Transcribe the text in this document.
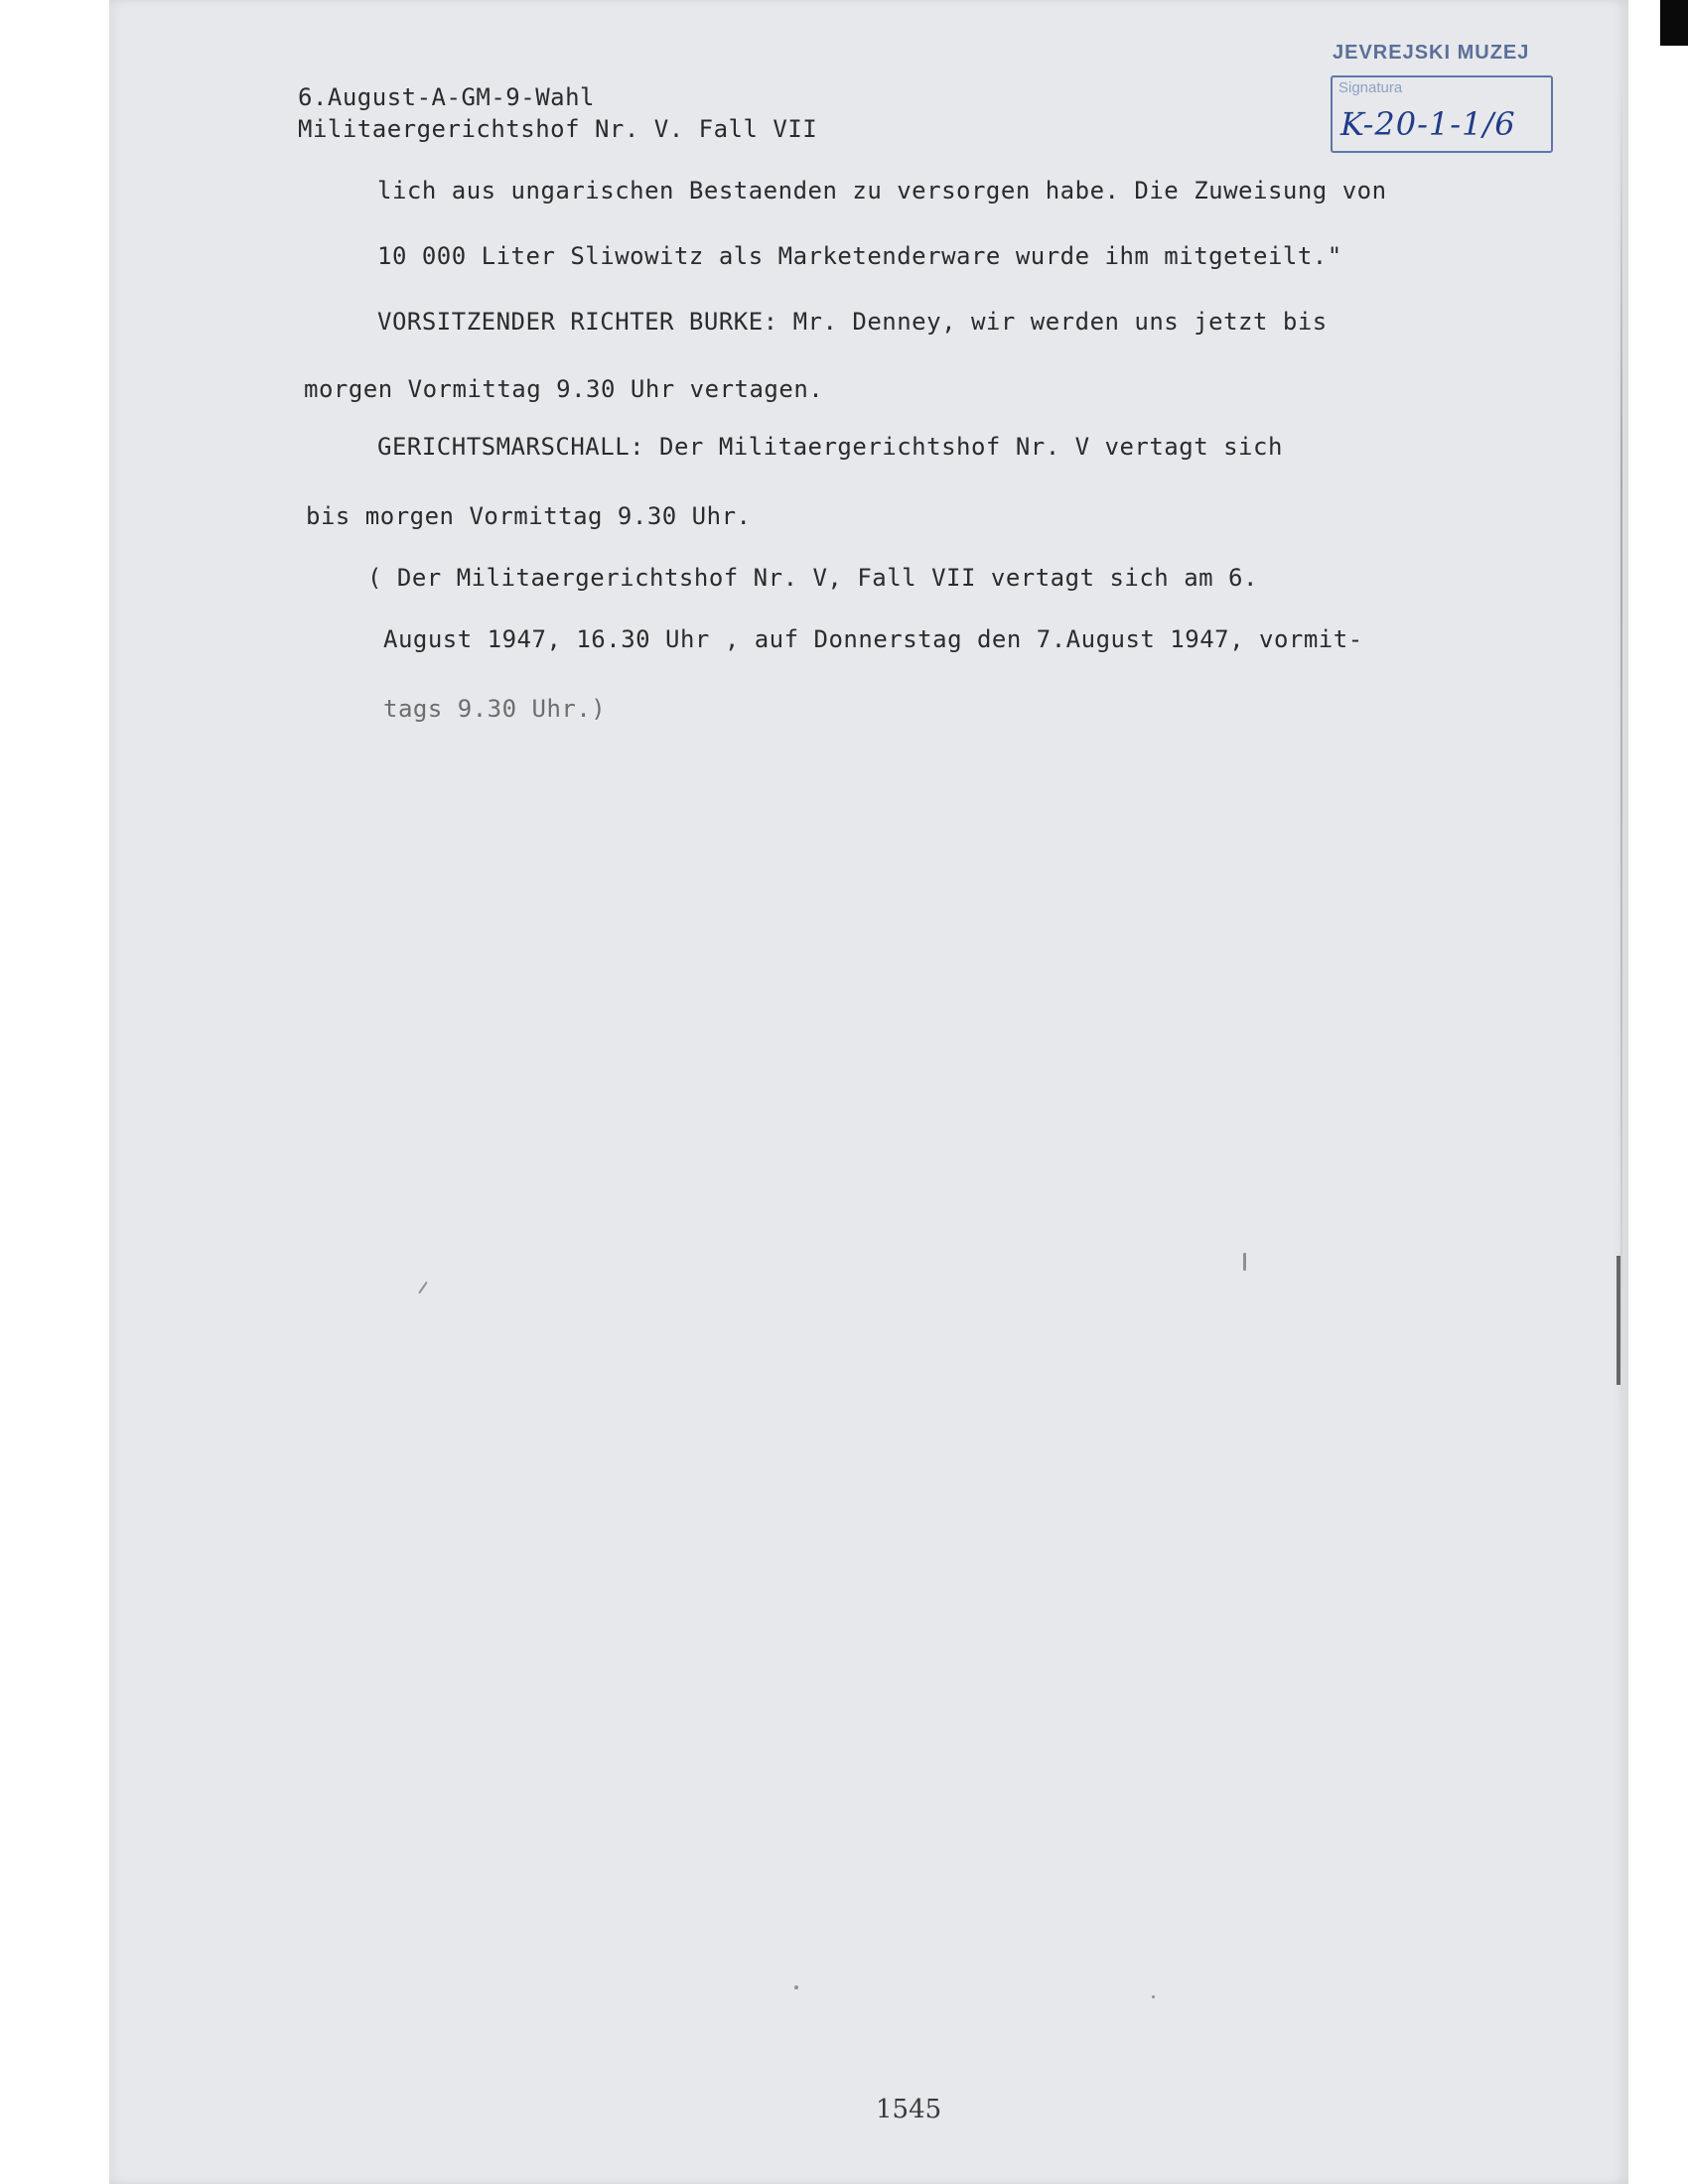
JEVREJSKI MUZEJ
Signatura
K-20-1-1/6
6.August-A-GM-9-Wahl
Militaergerichtshof Nr. V. Fall VII
lich aus ungarischen Bestaenden zu versorgen habe. Die Zuweisung von
10 000 Liter Sliwowitz als Marketenderware wurde ihm mitgeteilt."
VORSITZENDER RICHTER BURKE: Mr. Denney, wir werden uns jetzt bis
morgen Vormittag 9.30 Uhr vertagen.
GERICHTSMARSCHALL: Der Militaergerichtshof Nr. V vertagt sich
bis morgen Vormittag 9.30 Uhr.
( Der Militaergerichtshof Nr. V, Fall VII vertagt sich am 6.
August 1947, 16.30 Uhr , auf Donnerstag den 7.August 1947, vormit-
tags 9.30 Uhr.)
1545
